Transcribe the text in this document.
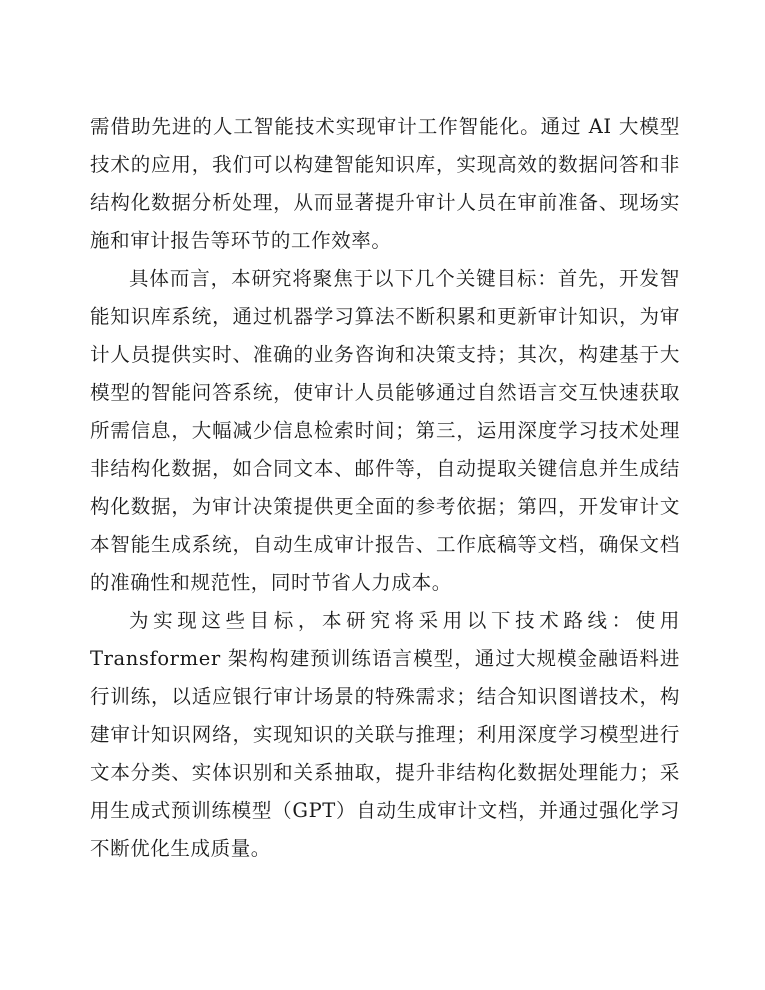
需借助先进的人工智能技术实现审计工作智能化。通过 AI 大模型技术的应用，我们可以构建智能知识库，实现高效的数据问答和非结构化数据分析处理，从而显著提升审计人员在审前准备、现场实施和审计报告等环节的工作效率。

具体而言，本研究将聚焦于以下几个关键目标：首先，开发智能知识库系统，通过机器学习算法不断积累和更新审计知识，为审计人员提供实时、准确的业务咨询和决策支持；其次，构建基于大模型的智能问答系统，使审计人员能够通过自然语言交互快速获取所需信息，大幅减少信息检索时间；第三，运用深度学习技术处理非结构化数据，如合同文本、邮件等，自动提取关键信息并生成结构化数据，为审计决策提供更全面的参考依据；第四，开发审计文本智能生成系统，自动生成审计报告、工作底稿等文档，确保文档的准确性和规范性，同时节省人力成本。

为实现这些目标，本研究将采用以下技术路线：使用 Transformer 架构构建预训练语言模型，通过大规模金融语料进行训练，以适应银行审计场景的特殊需求；结合知识图谱技术，构建审计知识网络，实现知识的关联与推理；利用深度学习模型进行文本分类、实体识别和关系抽取，提升非结构化数据处理能力；采用生成式预训练模型（GPT）自动生成审计文档，并通过强化学习不断优化生成质量。
